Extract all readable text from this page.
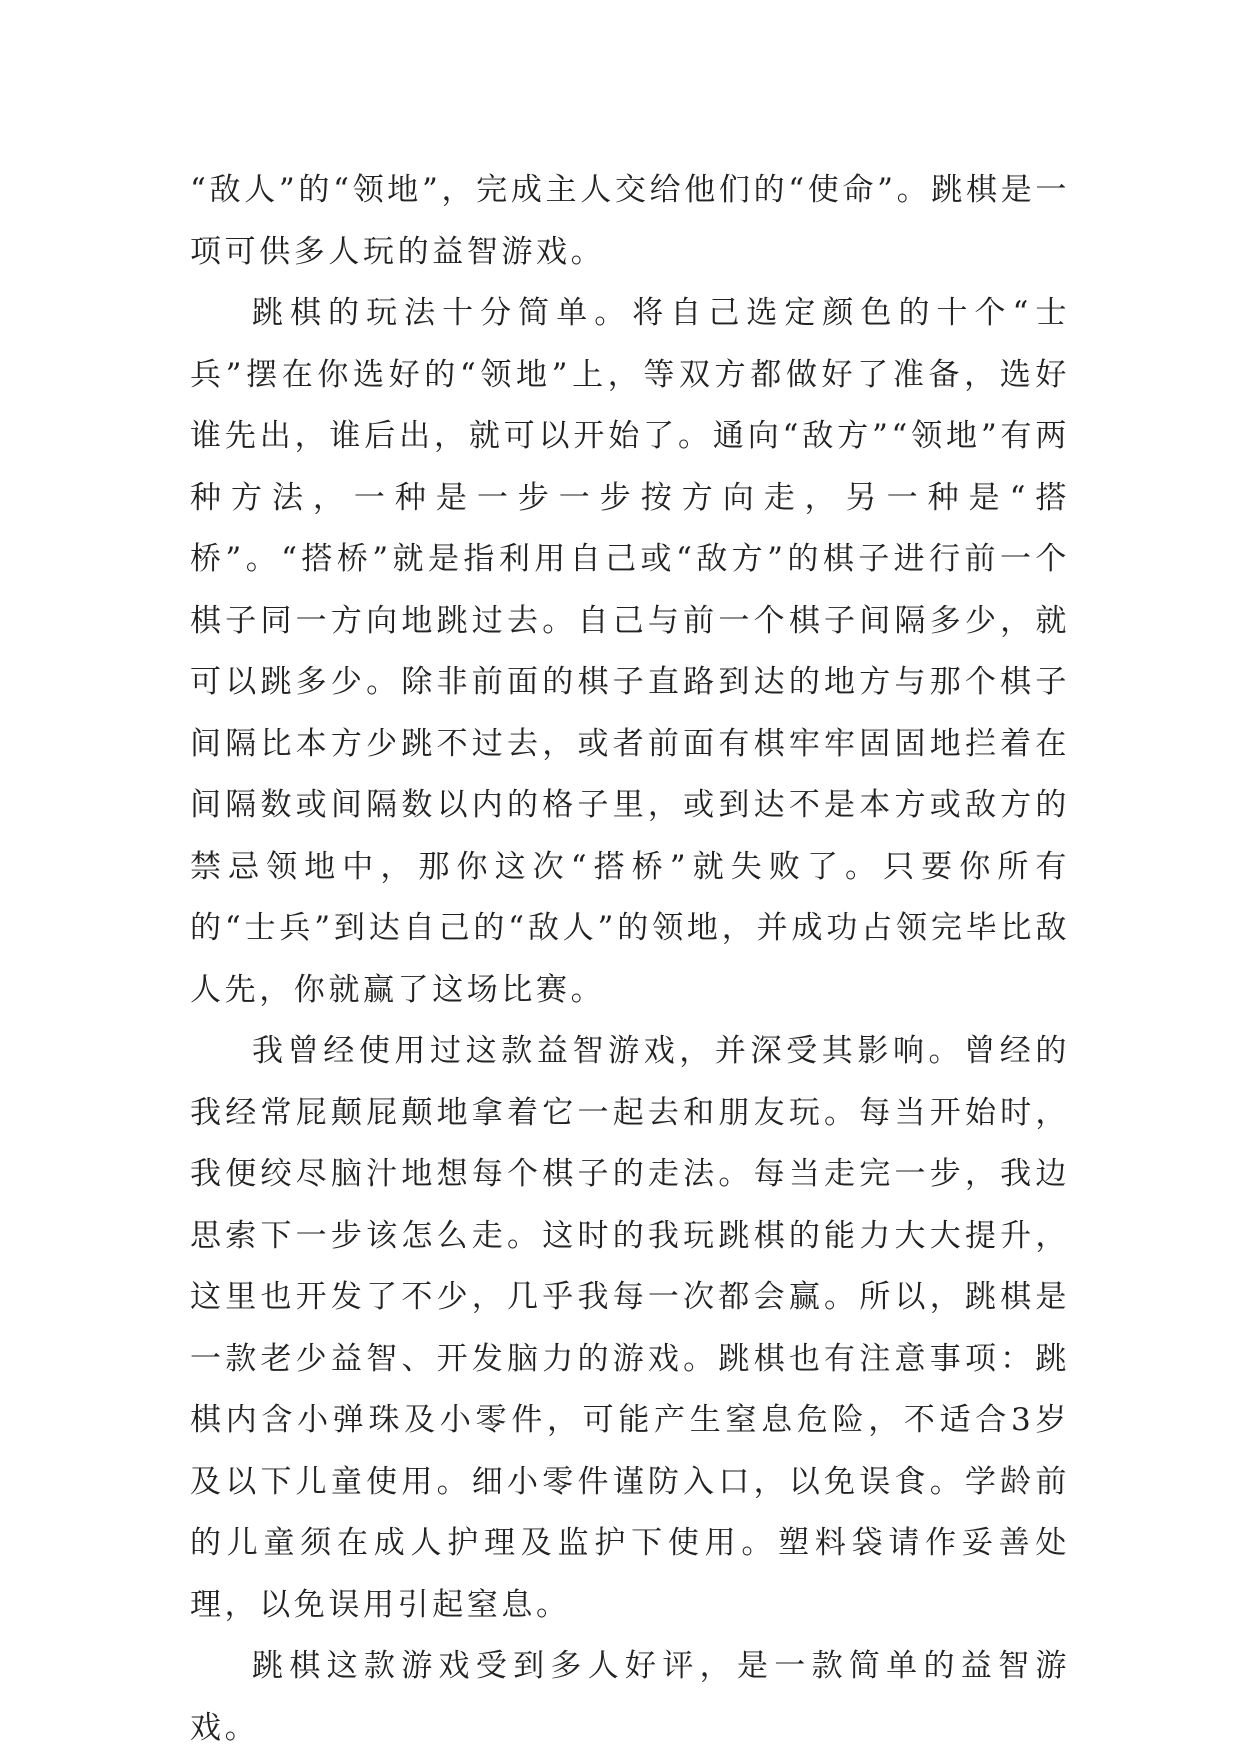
“敌人”的“领地”，完成主人交给他们的“使命”。跳棋是一项可供多人玩的益智游戏。

跳棋的玩法十分简单。将自己选定颜色的十个“士兵”摆在你选好的“领地”上，等双方都做好了准备，选好谁先出，谁后出，就可以开始了。通向“敌方”“领地”有两种方法，一种是一步一步按方向走，另一种是“搭桥”。“搭桥”就是指利用自己或“敌方”的棋子进行前一个棋子同一方向地跳过去。自己与前一个棋子间隔多少，就可以跳多少。除非前面的棋子直路到达的地方与那个棋子间隔比本方少跳不过去，或者前面有棋牢牢固固地拦着在间隔数或间隔数以内的格子里，或到达不是本方或敌方的禁忌领地中，那你这次“搭桥”就失败了。只要你所有的“士兵”到达自己的“敌人”的领地，并成功占领完毕比敌人先，你就赢了这场比赛。

我曾经使用过这款益智游戏，并深受其影响。曾经的我经常屁颠屁颠地拿着它一起去和朋友玩。每当开始时，我便绞尽脑汁地想每个棋子的走法。每当走完一步，我边思索下一步该怎么走。这时的我玩跳棋的能力大大提升，这里也开发了不少，几乎我每一次都会赢。所以，跳棋是一款老少益智、开发脑力的游戏。跳棋也有注意事项：跳棋内含小弹珠及小零件，可能产生窒息危险，不适合3岁及以下儿童使用。细小零件谨防入口，以免误食。学龄前的儿童须在成人护理及监护下使用。塑料袋请作妥善处理，以免误用引起窒息。

跳棋这款游戏受到多人好评，是一款简单的益智游戏。
